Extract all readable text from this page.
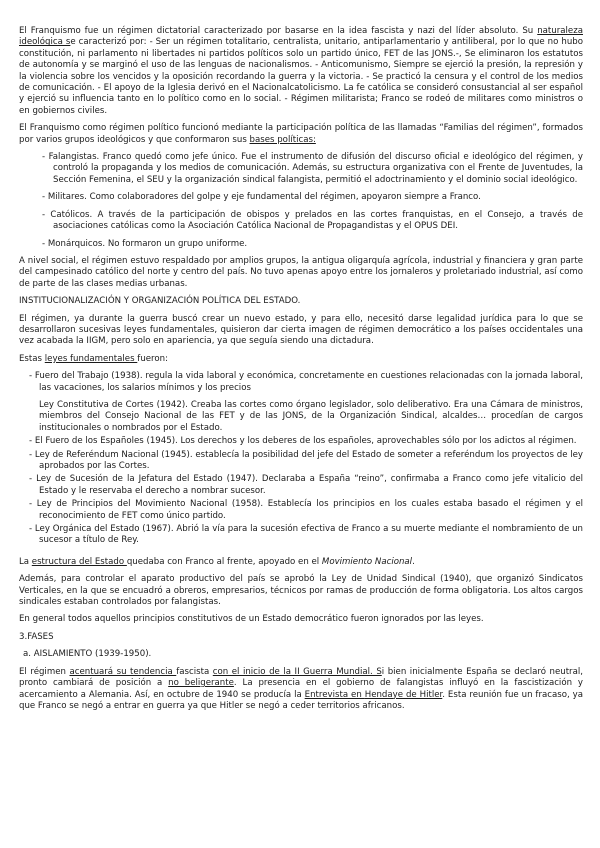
El Franquismo fue un régimen dictatorial caracterizado por basarse en la idea fascista y nazi del líder absoluto. Su naturaleza ideológica se caracterizó por: - Ser un régimen totalitario, centralista, unitario, antiparlamentario y antiliberal, por lo que no hubo constitución, ni parlamento ni libertades ni partidos políticos solo un partido único, FET de las JONS.-, Se eliminaron los estatutos de autonomía y se marginó el uso de las lenguas de nacionalismos. - Anticomunismo, Siempre se ejerció la presión, la represión y la violencia sobre los vencidos y la oposición recordando la guerra y la victoria. - Se practicó la censura y el control de los medios de comunicación. - El apoyo de la Iglesia derivó en el Nacionalcatolicismo. La fe católica se consideró consustancial al ser español y ejerció su influencia tanto en lo político como en lo social. - Régimen militarista; Franco se rodeó de militares como ministros o en gobiernos civiles.

El Franquismo como régimen político funcionó mediante la participación política de las llamadas “Familias del régimen”, formados por varios grupos ideológicos y que conformaron sus bases políticas:

- Falangistas. Franco quedó como jefe único. Fue el instrumento de difusión del discurso oficial e ideológico del régimen, y controló la propaganda y los medios de comunicación. Además, su estructura organizativa con el Frente de Juventudes, la Sección Femenina, el SEU y la organización sindical falangista, permitió el adoctrinamiento y el dominio social ideológico.
- Militares. Como colaboradores del golpe y eje fundamental del régimen, apoyaron siempre a Franco.
- Católicos. A través de la participación de obispos y prelados en las cortes franquistas, en el Consejo, a través de asociaciones católicas como la Asociación Católica Nacional de Propagandistas y el OPUS DEI.
- Monárquicos. No formaron un grupo uniforme.

A nivel social, el régimen estuvo respaldado por amplios grupos, la antigua oligarquía agrícola, industrial y financiera y gran parte del campesinado católico del norte y centro del país. No tuvo apenas apoyo entre los jornaleros y proletariado industrial, así como de parte de las clases medias urbanas.

INSTITUCIONALIZACIÓN Y ORGANIZACIÓN POLÍTICA DEL ESTADO.

El régimen, ya durante la guerra buscó crear un nuevo estado, y para ello, necesitó darse legalidad jurídica para lo que se desarrollaron sucesivas leyes fundamentales, quisieron dar cierta imagen de régimen democrático a los países occidentales una vez acabada la IIGM, pero solo en apariencia, ya que seguía siendo una dictadura.

Estas leyes fundamentales fueron:

- Fuero del Trabajo (1938). regula la vida laboral y económica, concretamente en cuestiones relacionadas con la jornada laboral, las vacaciones, los salarios mínimos y los precios
Ley Constitutiva de Cortes (1942). Creaba las cortes como órgano legislador, solo deliberativo. Era una Cámara de ministros, miembros del Consejo Nacional de las FET y de las JONS, de la Organización Sindical, alcaldes… procedían de cargos institucionales o nombrados por el Estado.
- El Fuero de los Españoles (1945). Los derechos y los deberes de los españoles, aprovechables sólo por los adictos al régimen.
- Ley de Referéndum Nacional (1945). establecía la posibilidad del jefe del Estado de someter a referéndum los proyectos de ley aprobados por las Cortes.
- Ley de Sucesión de la Jefatura del Estado (1947). Declaraba a España “reino”, confirmaba a Franco como jefe vitalicio del Estado y le reservaba el derecho a nombrar sucesor.
- Ley de Principios del Movimiento Nacional (1958). Establecía los principios en los cuales estaba basado el régimen y el reconocimiento de FET como único partido.
- Ley Orgánica del Estado (1967). Abrió la vía para la sucesión efectiva de Franco a su muerte mediante el nombramiento de un sucesor a título de Rey.

La estructura del Estado quedaba con Franco al frente, apoyado en el Movimiento Nacional.

Además, para controlar el aparato productivo del país se aprobó la Ley de Unidad Sindical (1940), que organizó Sindicatos Verticales, en la que se encuadró a obreros, empresarios, técnicos por ramas de producción de forma obligatoria. Los altos cargos sindicales estaban controlados por falangistas.

En general todos aquellos principios constitutivos de un Estado democrático fueron ignorados por las leyes.

3.FASES

a. AISLAMIENTO (1939-1950).

El régimen acentuará su tendencia fascista con el inicio de la II Guerra Mundial. Si bien inicialmente España se declaró neutral, pronto cambiará de posición a no beligerante. La presencia en el gobierno de falangistas influyó en la fascistización y acercamiento a Alemania. Así, en octubre de 1940 se producía la Entrevista en Hendaye de Hitler. Esta reunión fue un fracaso, ya que Franco se negó a entrar en guerra ya que Hitler se negó a ceder territorios africanos.
